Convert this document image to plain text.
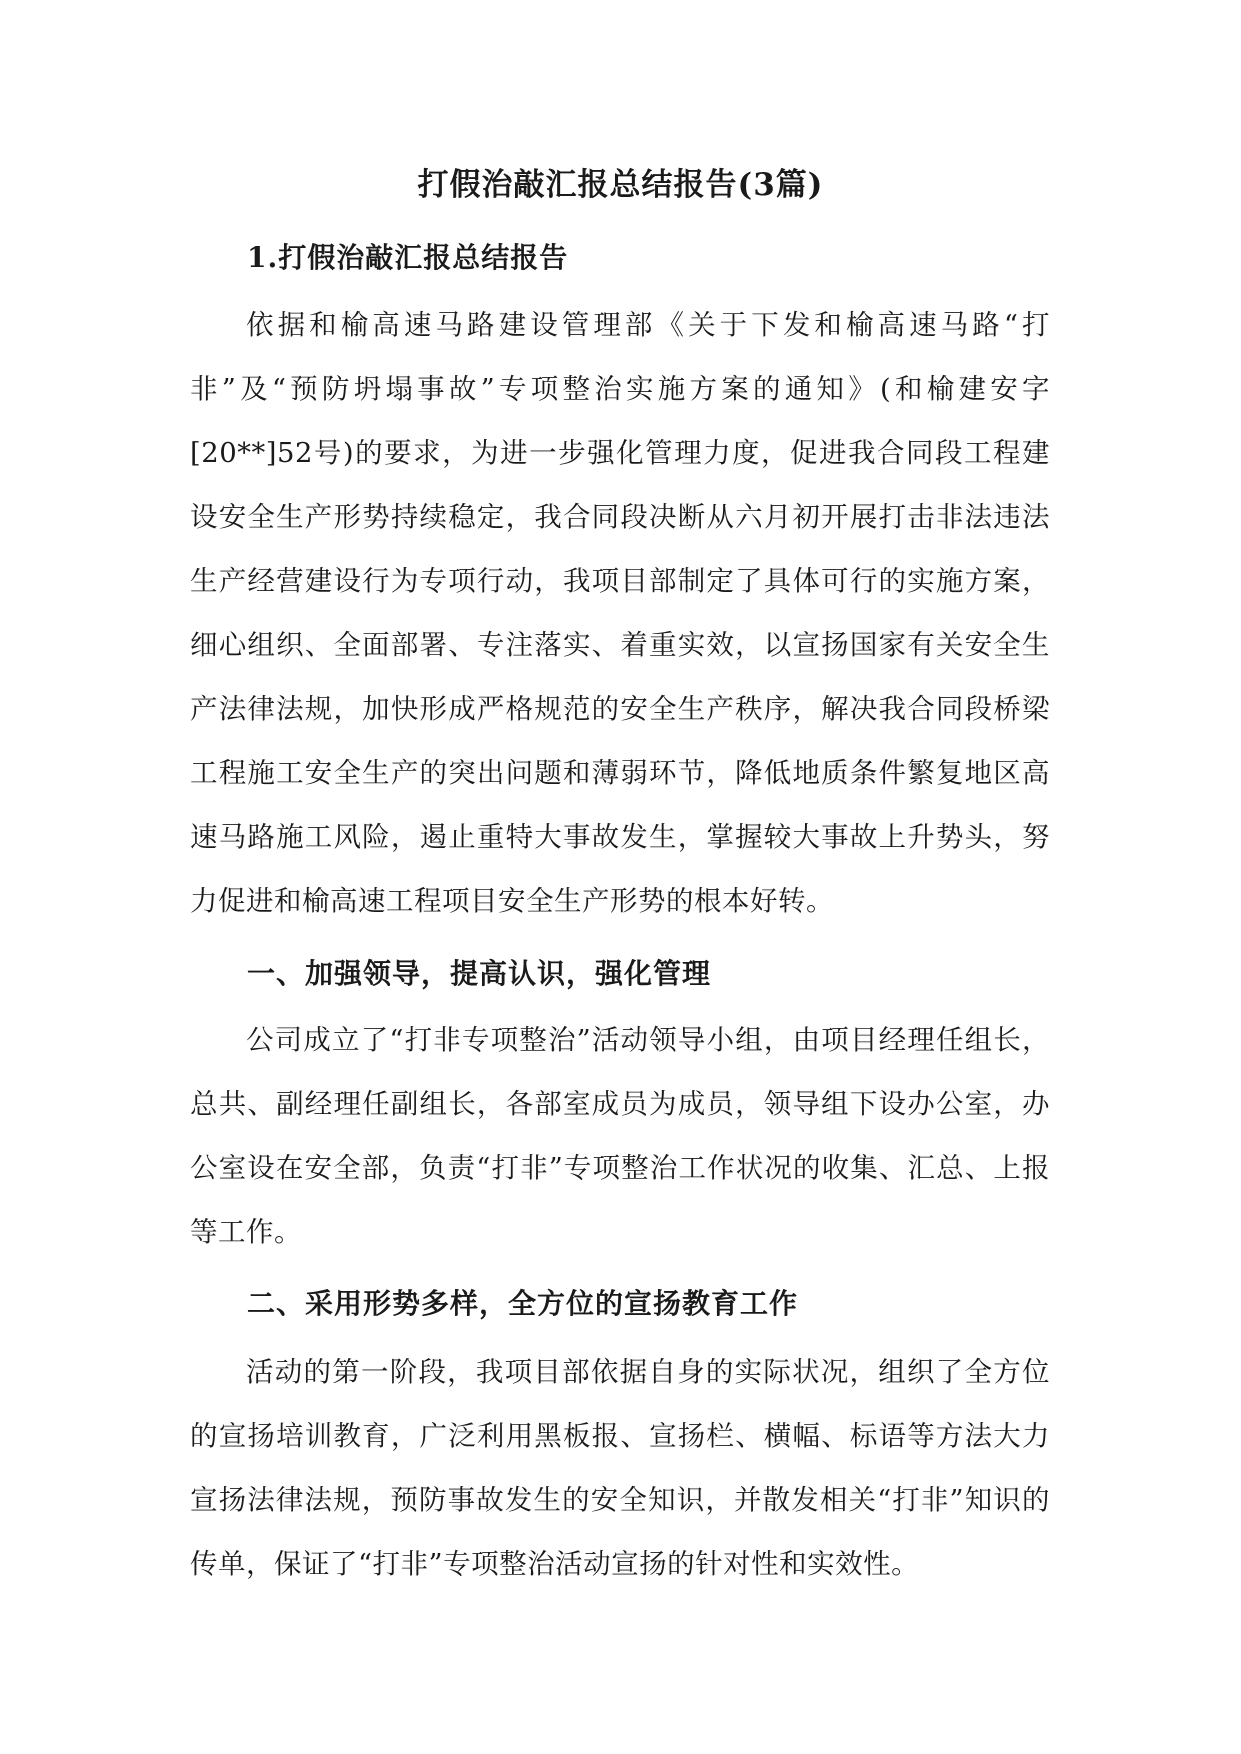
打假治敲汇报总结报告(3篇)
1.打假治敲汇报总结报告

依据和榆高速马路建设管理部《关于下发和榆高速马路“打非”及“预防坍塌事故”专项整治实施方案的通知》(和榆建安字[20**]52号)的要求，为进一步强化管理力度，促进我合同段工程建设安全生产形势持续稳定，我合同段决断从六月初开展打击非法违法生产经营建设行为专项行动，我项目部制定了具体可行的实施方案，细心组织、全面部署、专注落实、着重实效，以宣扬国家有关安全生产法律法规，加快形成严格规范的安全生产秩序，解决我合同段桥梁工程施工安全生产的突出问题和薄弱环节，降低地质条件繁复地区高速马路施工风险，遏止重特大事故发生，掌握较大事故上升势头，努力促进和榆高速工程项目安全生产形势的根本好转。

一、加强领导，提高认识，强化管理

公司成立了“打非专项整治”活动领导小组，由项目经理任组长，总共、副经理任副组长，各部室成员为成员，领导组下设办公室，办公室设在安全部，负责“打非”专项整治工作状况的收集、汇总、上报等工作。

二、采用形势多样，全方位的宣扬教育工作

活动的第一阶段，我项目部依据自身的实际状况，组织了全方位的宣扬培训教育，广泛利用黑板报、宣扬栏、横幅、标语等方法大力宣扬法律法规，预防事故发生的安全知识，并散发相关“打非”知识的传单，保证了“打非”专项整治活动宣扬的针对性和实效性。
